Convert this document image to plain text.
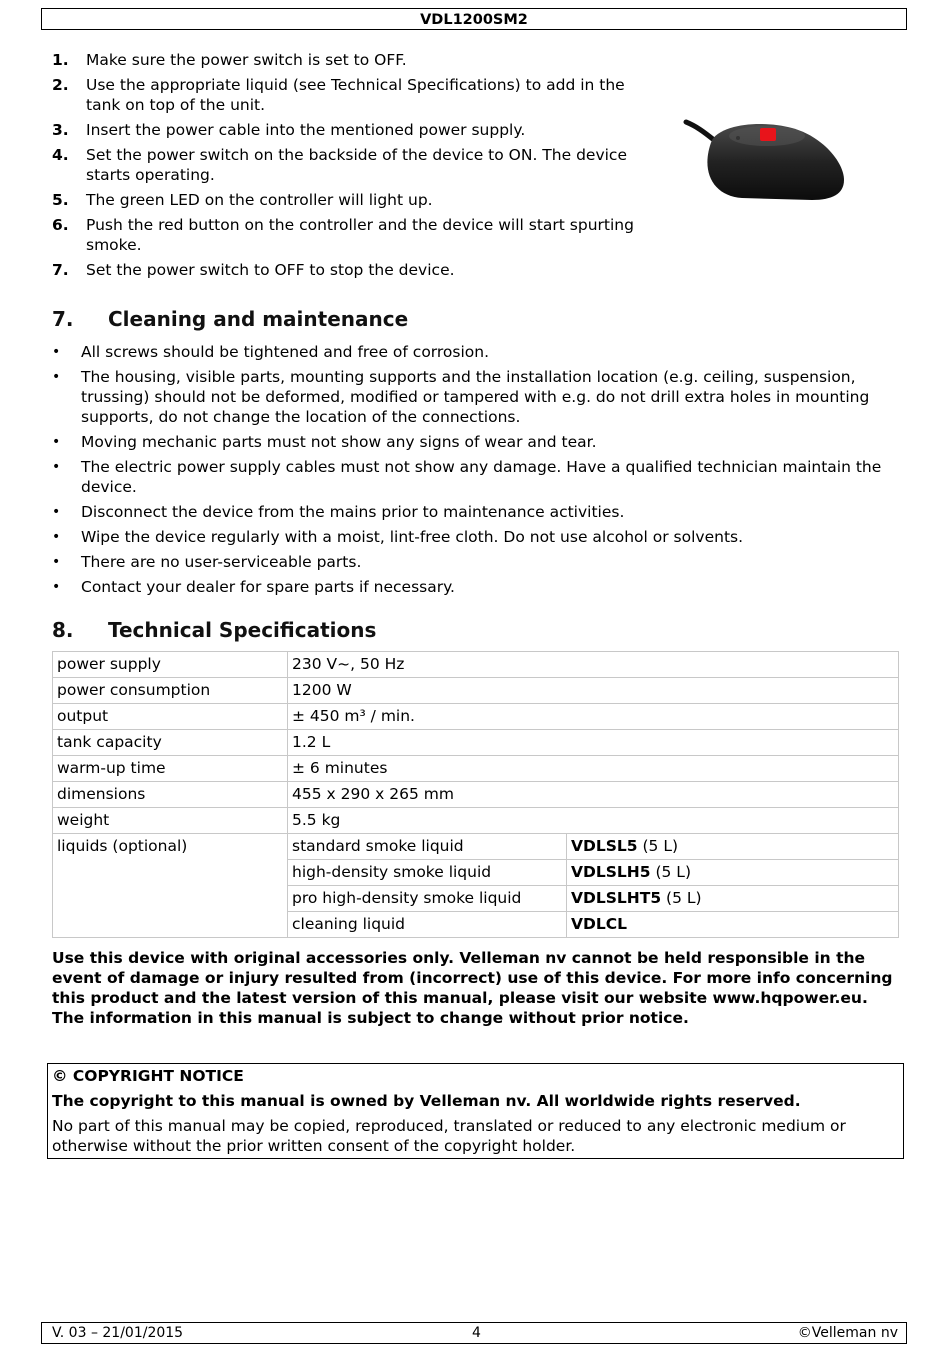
VDL1200SM2
1.	Make sure the power switch is set to OFF.
2.	Use the appropriate liquid (see Technical Specifications) to add in the tank on top of the unit.
3.	Insert the power cable into the mentioned power supply.
4.	Set the power switch on the backside of the device to ON. The device starts operating.
5.	The green LED on the controller will light up.
6.	Push the red button on the controller and the device will start spurting smoke.
7.	Set the power switch to OFF to stop the device.
7. Cleaning and maintenance
•	All screws should be tightened and free of corrosion.
•	The housing, visible parts, mounting supports and the installation location (e.g. ceiling, suspension, trussing) should not be deformed, modified or tampered with e.g. do not drill extra holes in mounting supports, do not change the location of the connections.
•	Moving mechanic parts must not show any signs of wear and tear.
•	The electric power supply cables must not show any damage. Have a qualified technician maintain the device.
•	Disconnect the device from the mains prior to maintenance activities.
•	Wipe the device regularly with a moist, lint-free cloth. Do not use alcohol or solvents.
•	There are no user-serviceable parts.
•	Contact your dealer for spare parts if necessary.
8. Technical Specifications
power supply	230 V~, 50 Hz	
power consumption	1200 W	
output	± 450 m³ / min.	
tank capacity	1.2 L	
warm-up time	± 6 minutes	
dimensions	455 x 290 x 265 mm	
weight	5.5 kg	
liquids (optional)	standard smoke liquid	VDLSL5 (5 L)
	high-density smoke liquid	VDLSLH5 (5 L)
	pro high-density smoke liquid	VDLSLHT5 (5 L)
	cleaning liquid	VDLCL
Use this device with original accessories only. Velleman nv cannot be held responsible in the event of damage or injury resulted from (incorrect) use of this device. For more info concerning this product and the latest version of this manual, please visit our website www.hqpower.eu. The information in this manual is subject to change without prior notice.
© COPYRIGHT NOTICE
The copyright to this manual is owned by Velleman nv. All worldwide rights reserved.
No part of this manual may be copied, reproduced, translated or reduced to any electronic medium or otherwise without the prior written consent of the copyright holder.
V. 03 – 21/01/2015	4	©Velleman nv
